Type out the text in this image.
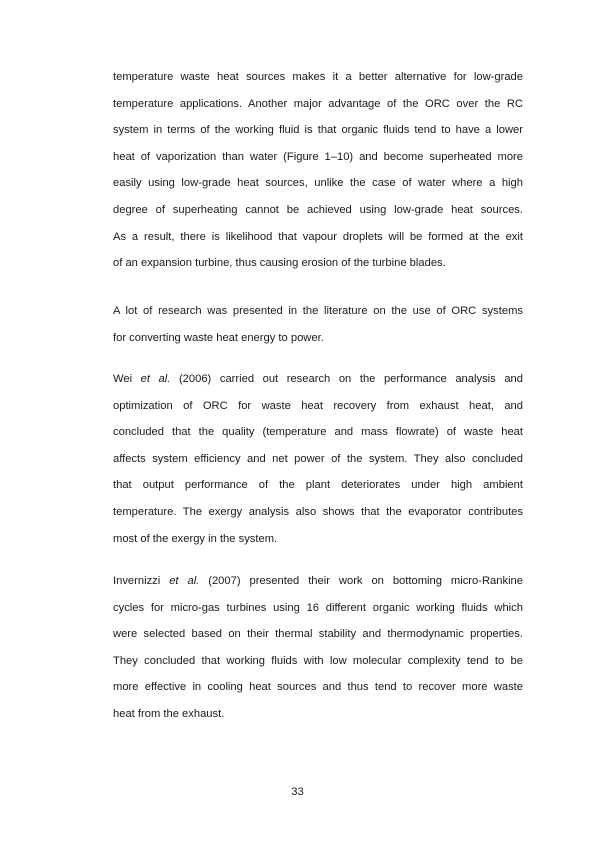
temperature waste heat sources makes it a better alternative for low-grade
temperature applications. Another major advantage of the ORC over the RC
system in terms of the working fluid is that organic fluids tend to have a lower
heat of vaporization than water (Figure 1–10) and become superheated more
easily using low-grade heat sources, unlike the case of water where a high
degree of superheating cannot be achieved using low-grade heat sources.
As a result, there is likelihood that vapour droplets will be formed at the exit
of an expansion turbine, thus causing erosion of the turbine blades.
A lot of research was presented in the literature on the use of ORC systems
for converting waste heat energy to power.
Wei et al. (2006) carried out research on the performance analysis and
optimization of ORC for waste heat recovery from exhaust heat, and
concluded that the quality (temperature and mass flowrate) of waste heat
affects system efficiency and net power of the system. They also concluded
that output performance of the plant deteriorates under high ambient
temperature. The exergy analysis also shows that the evaporator contributes
most of the exergy in the system.
Invernizzi et al. (2007) presented their work on bottoming micro-Rankine
cycles for micro-gas turbines using 16 different organic working fluids which
were selected based on their thermal stability and thermodynamic properties.
They concluded that working fluids with low molecular complexity tend to be
more effective in cooling heat sources and thus tend to recover more waste
heat from the exhaust.
33
